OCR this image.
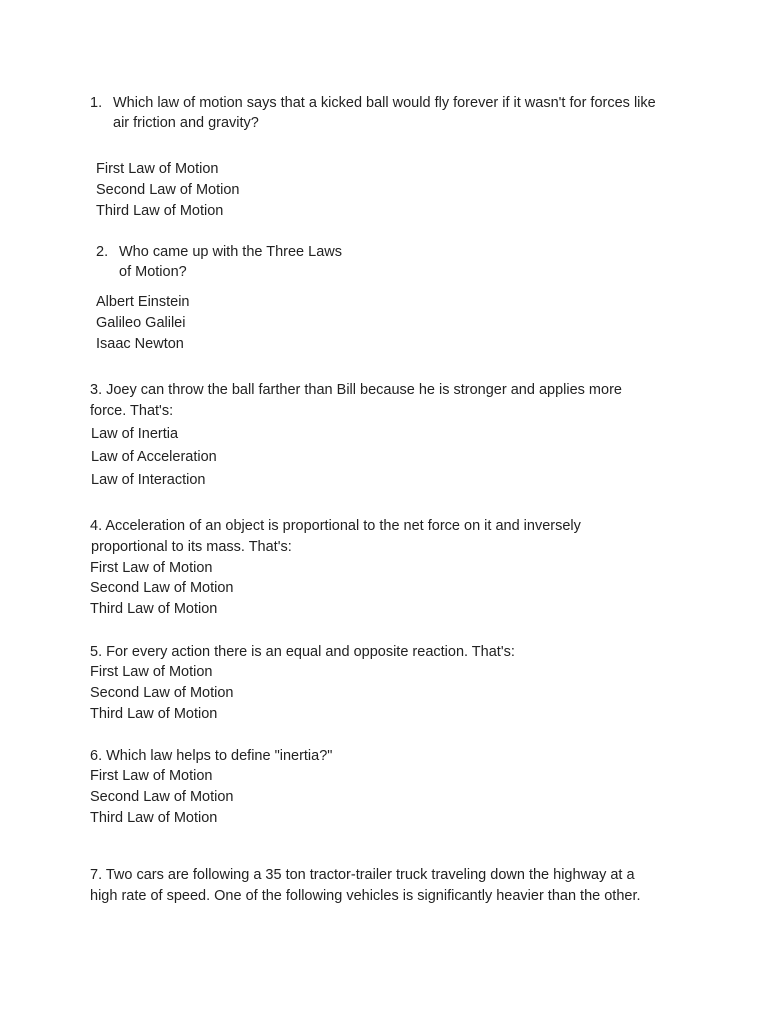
1. Which law of motion says that a kicked ball would fly forever if it wasn't for forces like
air friction and gravity?
First Law of Motion
Second Law of Motion
Third Law of Motion
2. Who came up with the Three Laws
of Motion?
Albert Einstein
Galileo Galilei
Isaac Newton
3. Joey can throw the ball farther than Bill because he is stronger and applies more
force. That's:
Law of Inertia
Law of Acceleration
Law of Interaction
4. Acceleration of an object is proportional to the net force on it and inversely
proportional to its mass. That's:
First Law of Motion
Second Law of Motion
Third Law of Motion
5. For every action there is an equal and opposite reaction. That's:
First Law of Motion
Second Law of Motion
Third Law of Motion
6. Which law helps to define "inertia?"
First Law of Motion
Second Law of Motion
Third Law of Motion
7. Two cars are following a 35 ton tractor-trailer truck traveling down the highway at a
high rate of speed. One of the following vehicles is significantly heavier than the other.
